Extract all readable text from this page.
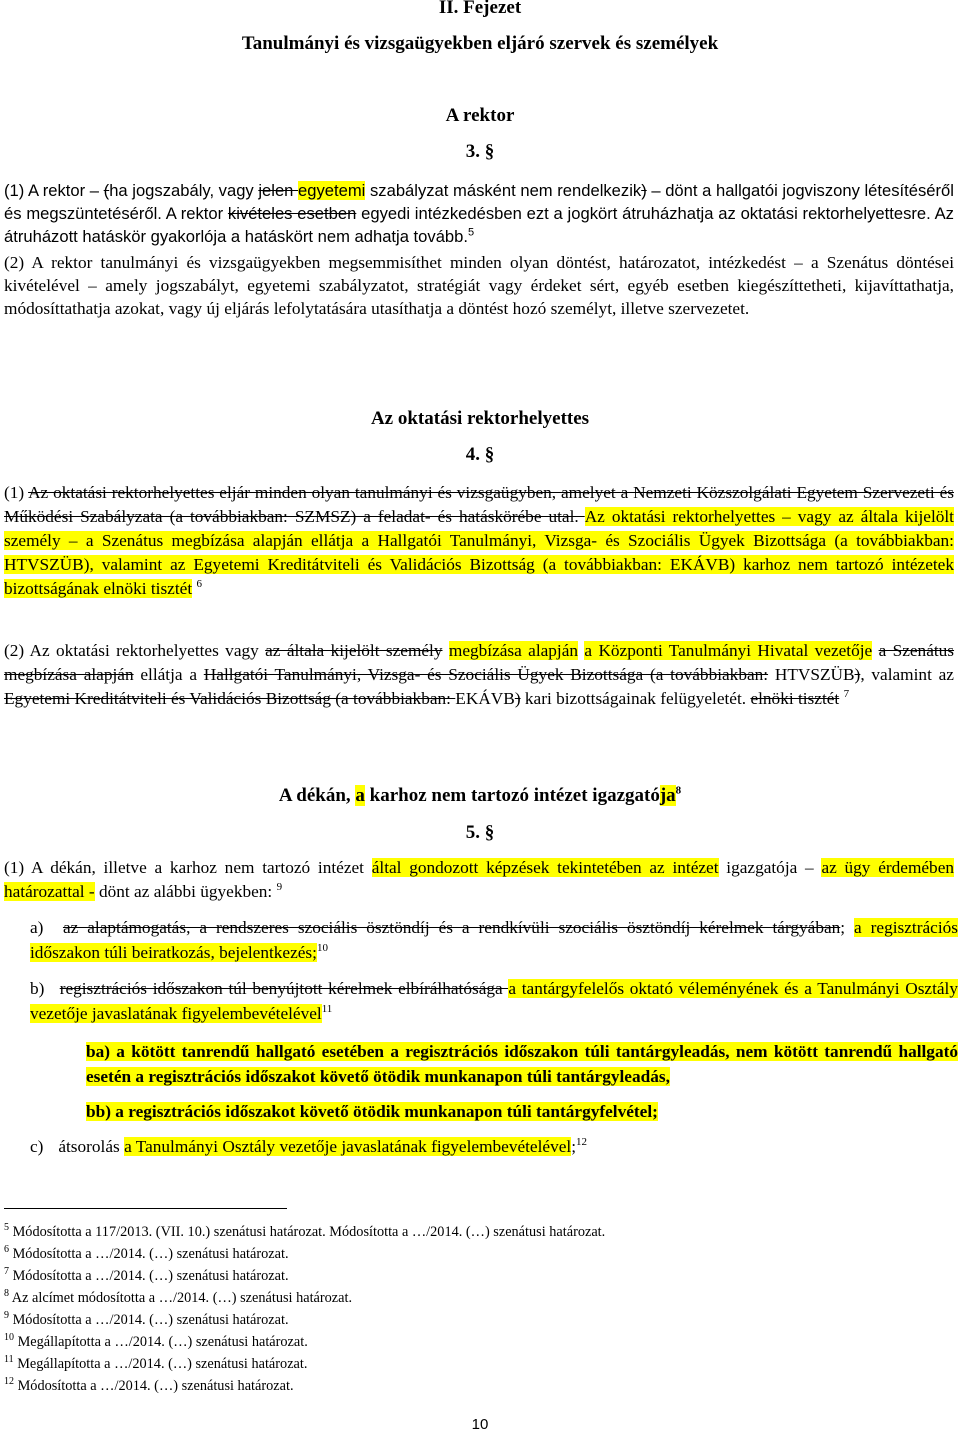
II. Fejezet
Tanulmányi és vizsgaügyekben eljáró szervek és személyek
A rektor
3. §
(1) A rektor – (ha jogszabály, vagy jelen egyetemi szabályzat másként nem rendelkezik) – dönt a hallgatói jogviszony létesítéséről és megszüntetéséről. A rektor kivételes esetben egyedi intézkedésben ezt a jogkört átruházhatja az oktatási rektorhelyettesre. Az átruházott hatáskör gyakorlója a hatáskört nem adhatja tovább.$^5$
(2) A rektor tanulmányi és vizsgaügyekben megsemmisíthet minden olyan döntést, határozatot, intézkedést – a Szenátus döntései kivételével – amely jogszabályt, egyetemi szabályzatot, stratégiát vagy érdeket sért, egyéb esetben kiegészíttetheti, kijavíttathatja, módosíttathatja azokat, vagy új eljárás lefolytatására utasíthatja a döntést hozó személyt, illetve szervezetet.
Az oktatási rektorhelyettes
4. §
(1) Az oktatási rektorhelyettes eljár minden olyan tanulmányi és vizsgaügyben, amelyet a Nemzeti Közszolgálati Egyetem Szervezeti és Működési Szabályzata (a továbbiakban: SZMSZ) a feladat- és hatáskörébe utal. Az oktatási rektorhelyettes – vagy az általa kijelölt személy – a Szenátus megbízása alapján ellátja a Hallgatói Tanulmányi, Vizsga- és Szociális Ügyek Bizottsága (a továbbiakban: HTVSZÜB), valamint az Egyetemi Kreditátviteli és Validációs Bizottság (a továbbiakban: EKÁVB) karhoz nem tartozó intézetek bizottságának elnöki tisztét $^6$
(2) Az oktatási rektorhelyettes vagy az általa kijelölt személy megbízása alapján a Központi Tanulmányi Hivatal vezetője a Szenátus megbízása alapján ellátja a Hallgatói Tanulmányi, Vizsga- és Szociális Ügyek Bizottsága (a továbbiakban: HTVSZÜB), valamint az Egyetemi Kreditátviteli és Validációs Bizottság (a továbbiakban: EKÁVB) kari bizottságainak felügyeletét. elnöki tisztét $^7$
A dékán, a karhoz nem tartozó intézet igazgatója$^8$
5. §
(1) A dékán, illetve a karhoz nem tartozó intézet által gondozott képzések tekintetében az intézet igazgatója – az ügy érdemében határozattal - dönt az alábbi ügyekben: $^9$
a) az alaptámogatás, a rendszeres szociális ösztöndíj és a rendkívüli szociális ösztöndíj kérelmek tárgyában; a regisztrációs időszakon túli beiratkozás, bejelentkezés;$^{10}$
b) regisztrációs időszakon túl benyújtott kérelmek elbírálhatósága a tantárgyfelelős oktató véleményének és a Tanulmányi Osztály vezetője javaslatának figyelembevételével$^{11}$
ba) a kötött tanrendű hallgató esetében a regisztrációs időszakon túli tantárgyleadás, nem kötött tanrendű hallgató esetén a regisztrációs időszakot követő ötödik munkanapon túli tantárgyleadás,
bb) a regisztrációs időszakot követő ötödik munkanapon túli tantárgyfelvétel;
c) átsorolás a Tanulmányi Osztály vezetője javaslatának figyelembevételével;$^{12}$
$^5$ Módosította a 117/2013. (VII. 10.) szenátusi határozat. Módosította a …/2014. (…) szenátusi határozat.
$^6$ Módosította a …/2014. (…) szenátusi határozat.
$^7$ Módosította a …/2014. (…) szenátusi határozat.
$^8$ Az alcímet módosította a …/2014. (…) szenátusi határozat.
$^9$ Módosította a …/2014. (…) szenátusi határozat.
$^{10}$ Megállapította a …/2014. (…) szenátusi határozat.
$^{11}$ Megállapította a …/2014. (…) szenátusi határozat.
$^{12}$ Módosította a …/2014. (…) szenátusi határozat.
10
